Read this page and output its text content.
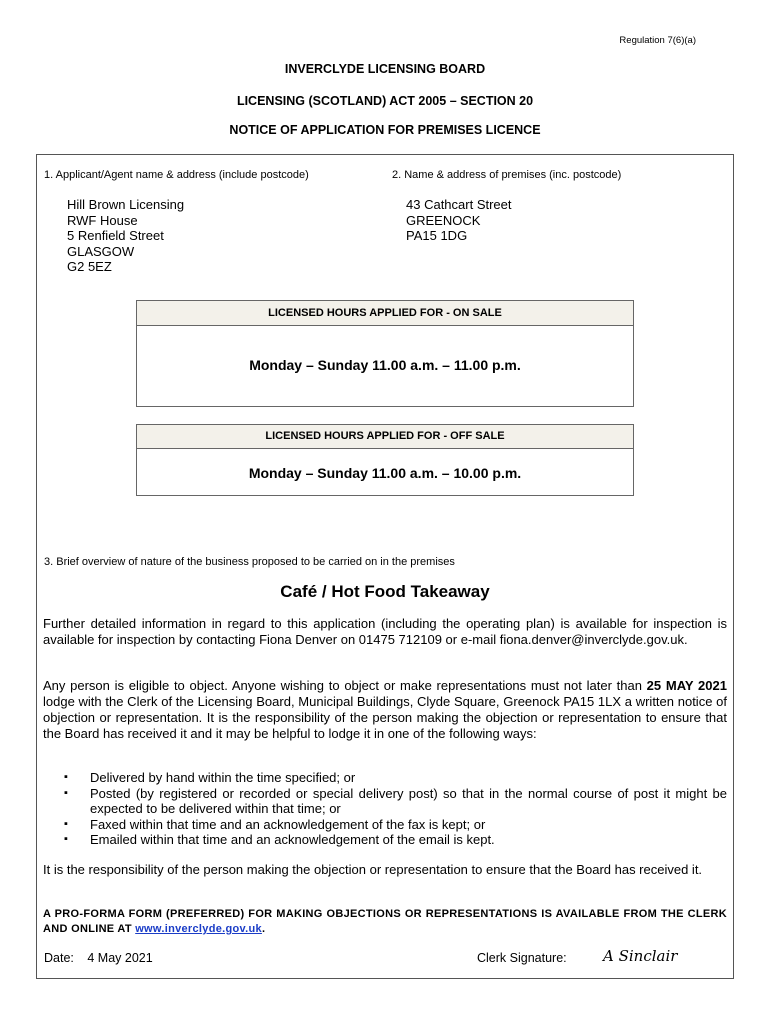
Regulation 7(6)(a)
INVERCLYDE LICENSING BOARD
LICENSING (SCOTLAND) ACT 2005 – SECTION 20
NOTICE OF APPLICATION FOR PREMISES LICENCE
1. Applicant/Agent name & address (include postcode)
Hill Brown Licensing
RWF House
5 Renfield Street
GLASGOW
G2 5EZ
2. Name & address of premises (inc. postcode)
43 Cathcart Street
GREENOCK
PA15 1DG
LICENSED HOURS APPLIED FOR - ON SALE
Monday – Sunday 11.00 a.m. – 11.00 p.m.
LICENSED HOURS APPLIED FOR - OFF SALE
Monday – Sunday 11.00 a.m. – 10.00 p.m.
3. Brief overview of nature of the business proposed to be carried on in the premises
Café / Hot Food Takeaway
Further detailed information in regard to this application (including the operating plan) is available for inspection is available for inspection by contacting Fiona Denver on 01475 712109 or e-mail fiona.denver@inverclyde.gov.uk.
Any person is eligible to object. Anyone wishing to object or make representations must not later than 25 MAY 2021 lodge with the Clerk of the Licensing Board, Municipal Buildings, Clyde Square, Greenock PA15 1LX a written notice of objection or representation. It is the responsibility of the person making the objection or representation to ensure that the Board has received it and it may be helpful to lodge it in one of the following ways:
▪ Delivered by hand within the time specified; or
▪ Posted (by registered or recorded or special delivery post) so that in the normal course of post it might be expected to be delivered within that time; or
▪ Faxed within that time and an acknowledgement of the fax is kept; or
▪ Emailed within that time and an acknowledgement of the email is kept.
It is the responsibility of the person making the objection or representation to ensure that the Board has received it.
A PRO-FORMA FORM (PREFERRED) FOR MAKING OBJECTIONS OR REPRESENTATIONS IS AVAILABLE FROM THE CLERK AND ONLINE AT www.inverclyde.gov.uk.
Date: 4 May 2021	Clerk Signature: A Sinclair
